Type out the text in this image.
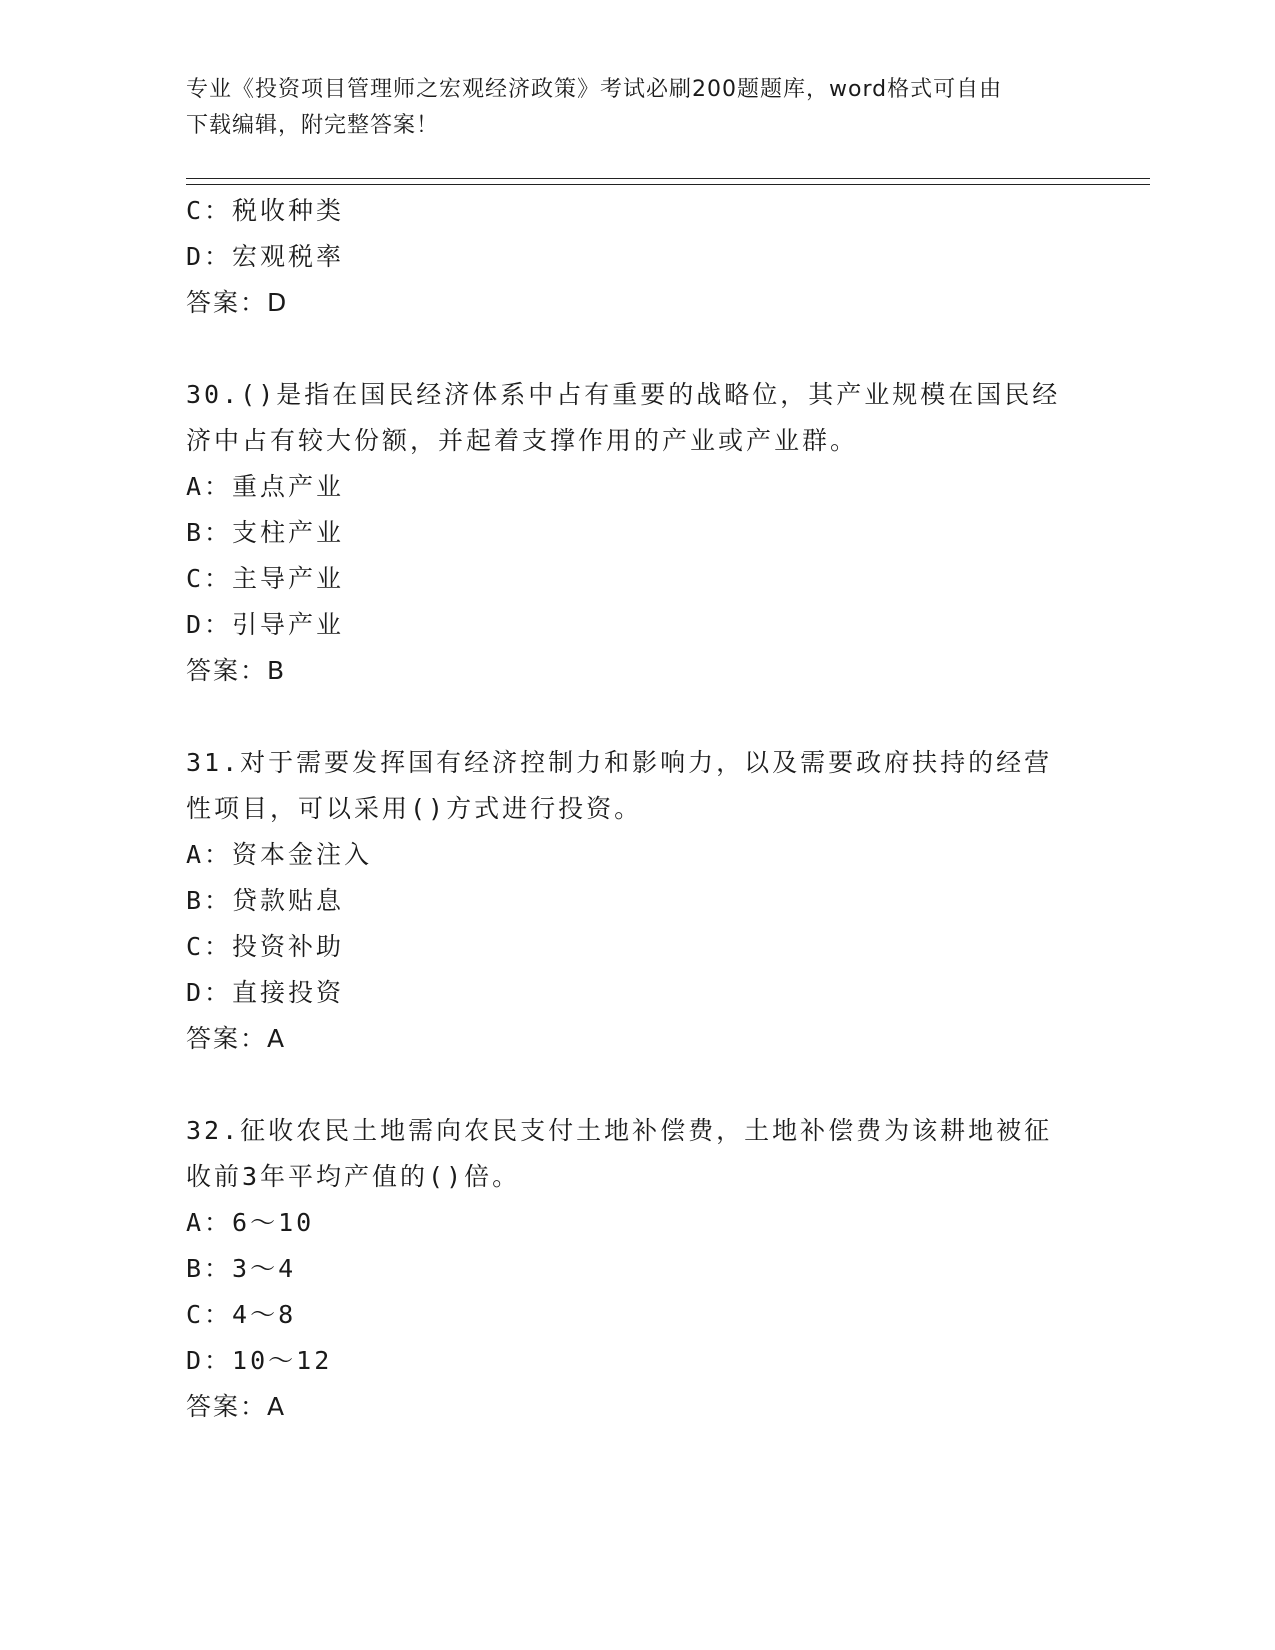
专业《投资项目管理师之宏观经济政策》考试必刷200题题库，word格式可自由
下载编辑，附完整答案！
C：税收种类
D：宏观税率
答案：D
30.()是指在国民经济体系中占有重要的战略位，其产业规模在国民经
济中占有较大份额，并起着支撑作用的产业或产业群。
A：重点产业
B：支柱产业
C：主导产业
D：引导产业
答案：B
31.对于需要发挥国有经济控制力和影响力，以及需要政府扶持的经营
性项目，可以采用()方式进行投资。
A：资本金注入
B：贷款贴息
C：投资补助
D：直接投资
答案：A
32.征收农民土地需向农民支付土地补偿费，土地补偿费为该耕地被征
收前3年平均产值的()倍。
A：6～10
B：3～4
C：4～8
D：10～12
答案：A
